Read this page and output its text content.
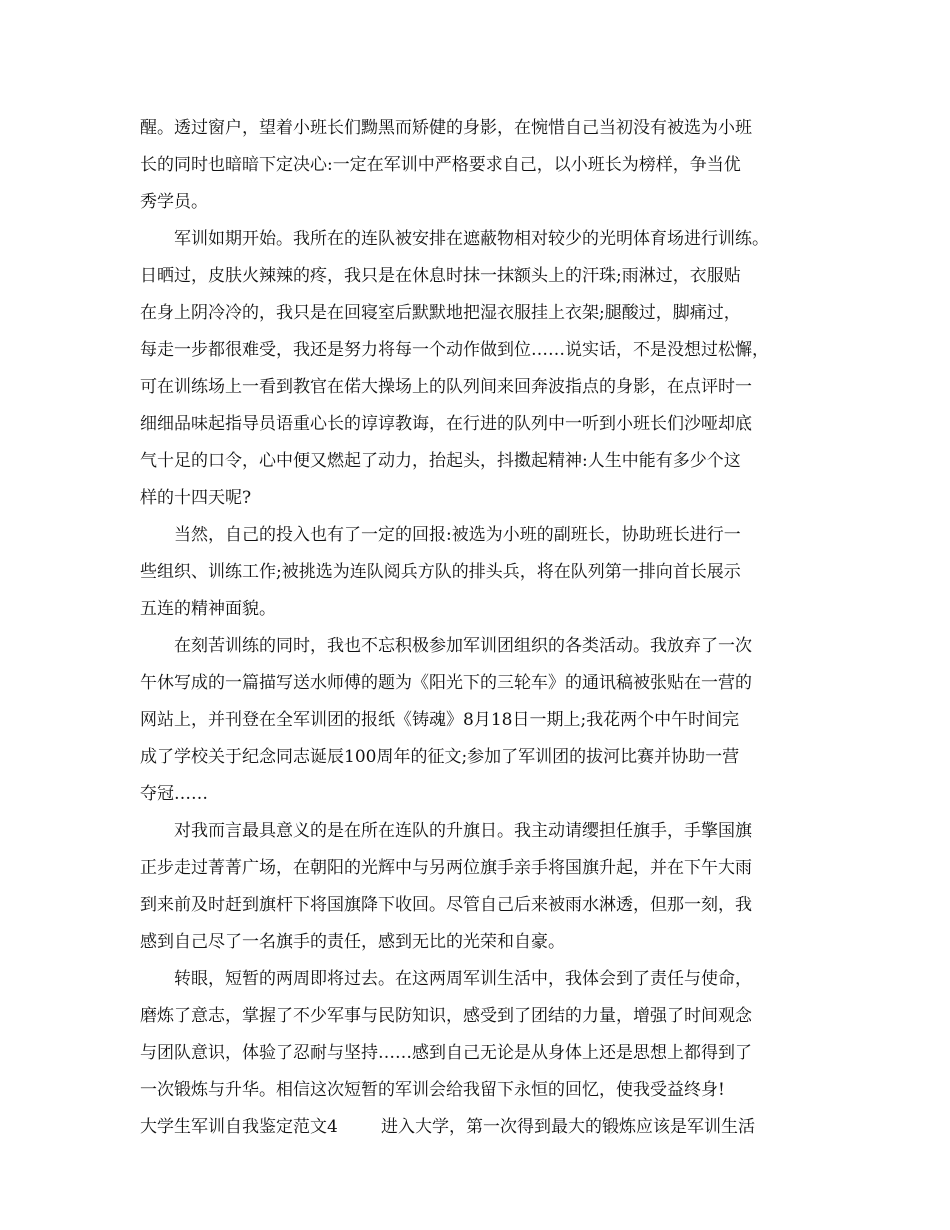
醒。透过窗户，望着小班长们黝黑而矫健的身影，在惋惜自己当初没有被选为小班
长的同时也暗暗下定决心:一定在军训中严格要求自己，以小班长为榜样，争当优
秀学员。

军训如期开始。我所在的连队被安排在遮蔽物相对较少的光明体育场进行训练。
日晒过，皮肤火辣辣的疼，我只是在休息时抹一抹额头上的汗珠;雨淋过，衣服贴
在身上阴冷冷的，我只是在回寝室后默默地把湿衣服挂上衣架;腿酸过，脚痛过，
每走一步都很难受，我还是努力将每一个动作做到位……说实话，不是没想过松懈，
可在训练场上一看到教官在偌大操场上的队列间来回奔波指点的身影，在点评时一
细细品味起指导员语重心长的谆谆教诲，在行进的队列中一听到小班长们沙哑却底
气十足的口令，心中便又燃起了动力，抬起头，抖擞起精神:人生中能有多少个这
样的十四天呢?

当然，自己的投入也有了一定的回报:被选为小班的副班长，协助班长进行一
些组织、训练工作;被挑选为连队阅兵方队的排头兵，将在队列第一排向首长展示
五连的精神面貌。

在刻苦训练的同时，我也不忘积极参加军训团组织的各类活动。我放弃了一次
午休写成的一篇描写送水师傅的题为《阳光下的三轮车》的通讯稿被张贴在一营的
网站上，并刊登在全军训团的报纸《铸魂》8月18日一期上;我花两个中午时间完
成了学校关于纪念同志诞辰100周年的征文;参加了军训团的拔河比赛并协助一营
夺冠……

对我而言最具意义的是在所在连队的升旗日。我主动请缨担任旗手，手擎国旗
正步走过菁菁广场，在朝阳的光辉中与另两位旗手亲手将国旗升起，并在下午大雨
到来前及时赶到旗杆下将国旗降下收回。尽管自己后来被雨水淋透，但那一刻，我
感到自己尽了一名旗手的责任，感到无比的光荣和自豪。

转眼，短暂的两周即将过去。在这两周军训生活中，我体会到了责任与使命，
磨炼了意志，掌握了不少军事与民防知识，感受到了团结的力量，增强了时间观念
与团队意识，体验了忍耐与坚持……感到自己无论是从身体上还是思想上都得到了
一次锻炼与升华。相信这次短暂的军训会给我留下永恒的回忆，使我受益终身!

大学生军训自我鉴定范文4        进入大学，第一次得到最大的锻炼应该是军训生活
